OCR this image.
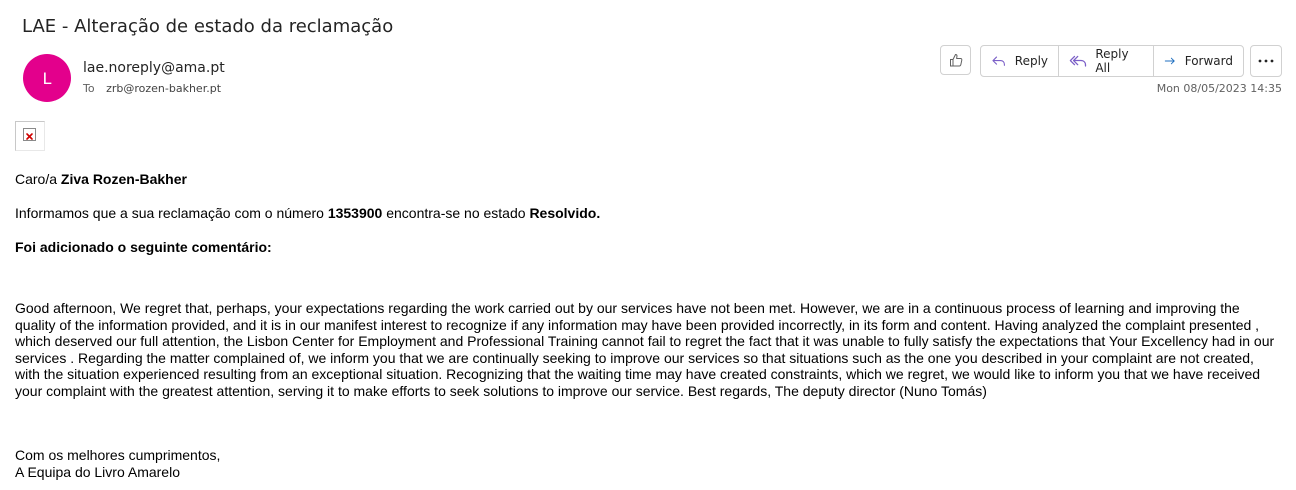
LAE - Alteração de estado da reclamação
L
lae.noreply@ama.pt
To zrb@rozen-bakher.pt
Reply	Reply All	Forward
Mon 08/05/2023 14:35
Caro/a Ziva Rozen-Bakher
Informamos que a sua reclamação com o número 1353900 encontra-se no estado Resolvido.
Foi adicionado o seguinte comentário:
Good afternoon, We regret that, perhaps, your expectations regarding the work carried out by our services have not been met. However, we are in a continuous process of learning and improving the quality of the information provided, and it is in our manifest interest to recognize if any information may have been provided incorrectly, in its form and content. Having analyzed the complaint presented , which deserved our full attention, the Lisbon Center for Employment and Professional Training cannot fail to regret the fact that it was unable to fully satisfy the expectations that Your Excellency had in our services . Regarding the matter complained of, we inform you that we are continually seeking to improve our services so that situations such as the one you described in your complaint are not created, with the situation experienced resulting from an exceptional situation. Recognizing that the waiting time may have created constraints, which we regret, we would like to inform you that we have received your complaint with the greatest attention, serving it to make efforts to seek solutions to improve our service. Best regards, The deputy director (Nuno Tomás)
Com os melhores cumprimentos,
A Equipa do Livro Amarelo
